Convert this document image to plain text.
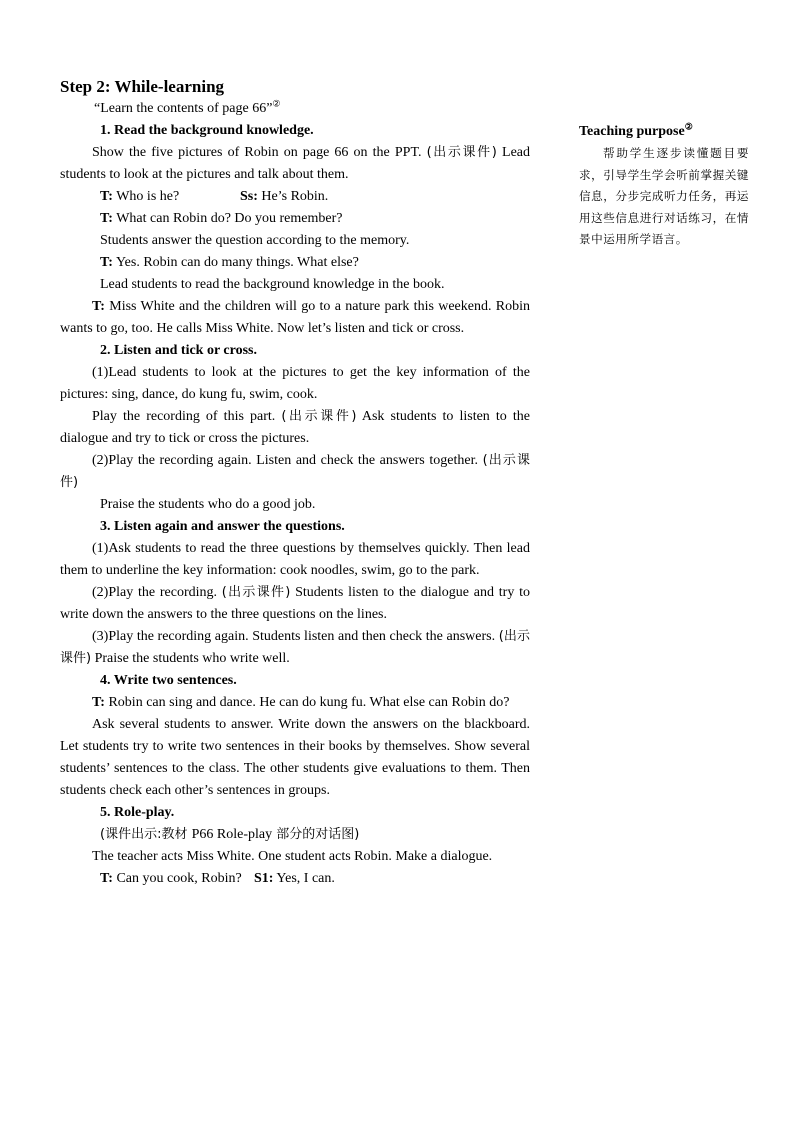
Step 2: While-learning

“Learn the contents of page 66”②

1. Read the background knowledge.

Show the five pictures of Robin on page 66 on the PPT. (出示课件) Lead students to look at the pictures and talk about them.

T: Who is he?	Ss: He’s Robin.

T: What can Robin do? Do you remember?

Students answer the question according to the memory.

T: Yes. Robin can do many things. What else?

Lead students to read the background knowledge in the book.

T: Miss White and the children will go to a nature park this weekend. Robin wants to go, too. He calls Miss White. Now let’s listen and tick or cross.

2. Listen and tick or cross.

(1)Lead students to look at the pictures to get the key information of the pictures: sing, dance, do kung fu, swim, cook.

Play the recording of this part. (出示课件) Ask students to listen to the dialogue and try to tick or cross the pictures.

(2)Play the recording again. Listen and check the answers together. (出示课件)

Praise the students who do a good job.

3. Listen again and answer the questions.

(1)Ask students to read the three questions by themselves quickly. Then lead them to underline the key information: cook noodles, swim, go to the park.

(2)Play the recording. (出示课件) Students listen to the dialogue and try to write down the answers to the three questions on the lines.

(3)Play the recording again. Students listen and then check the answers. (出示课件) Praise the students who write well.

4. Write two sentences.

T: Robin can sing and dance. He can do kung fu. What else can Robin do?

Ask several students to answer. Write down the answers on the blackboard. Let students try to write two sentences in their books by themselves. Show several students’ sentences to the class. The other students give evaluations to them. Then students check each other’s sentences in groups.

5. Role-play.

(课件出示:教材 P66 Role-play 部分的对话图)

The teacher acts Miss White. One student acts Robin. Make a dialogue.

T: Can you cook, Robin? S1: Yes, I can.

Teaching purpose②

帮助学生逐步读懂题目要求，引导学生学会听前掌握关键信息，分步完成听力任务，再运用这些信息进行对话练习，在情景中运用所学语言。
